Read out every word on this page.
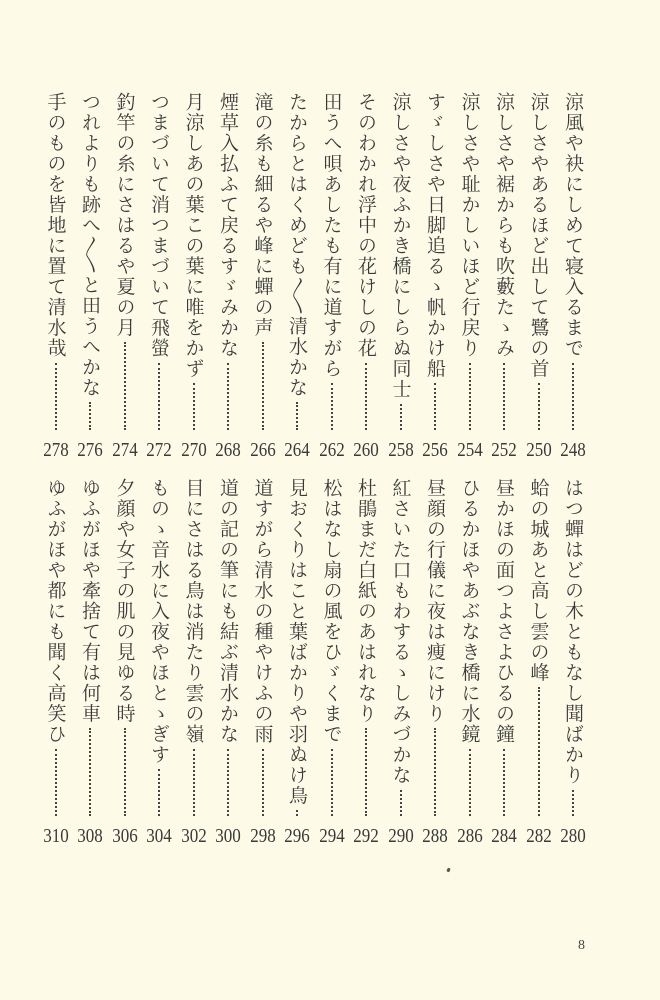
涼風や袂にしめて寝入るまで
248
涼しさやあるほど出して鷺の首
250
涼しさや裾からも吹藪たゝみ
252
涼しさや耻かしいほど行戻り
254
すゞしさや日脚追るゝ帆かけ船
256
涼しさや夜ふかき橋にしらぬ同士
258
そのわかれ浮中の花けしの花
260
田うへ唄あしたも有に道すがら
262
たからとはくめども〱清水かな
264
滝の糸も細るや峰に蟬の声
266
煙草入払ふて戻るすゞみかな
268
月涼しあの葉この葉に唯をかず
270
つまづいて消つまづいて飛螢
272
釣竿の糸にさはるや夏の月
274
つれよりも跡へ〱と田うへかな
276
手のものを皆地に置て清水哉
278
はつ蟬はどの木ともなし聞ばかり
280
蛤の城あと高し雲の峰
282
昼かほの面つよさよひるの鐘
284
ひるかほやあぶなき橋に水鏡
286
昼顔の行儀に夜は痩にけり
288
紅さいた口もわするゝしみづかな
290
杜鵑まだ白紙のあはれなり
292
松はなし扇の風をひゞくまで
294
見おくりはこと葉ばかりや羽ぬけ鳥
296
道すがら清水の種やけふの雨
298
道の記の筆にも結ぶ清水かな
300
目にさはる鳥は消たり雲の嶺
302
ものゝ音水に入夜やほとゝぎす
304
夕顔や女子の肌の見ゆる時
306
ゆふがほや牽捨て有は何車
308
ゆふがほや都にも聞く高笑ひ
310
8
